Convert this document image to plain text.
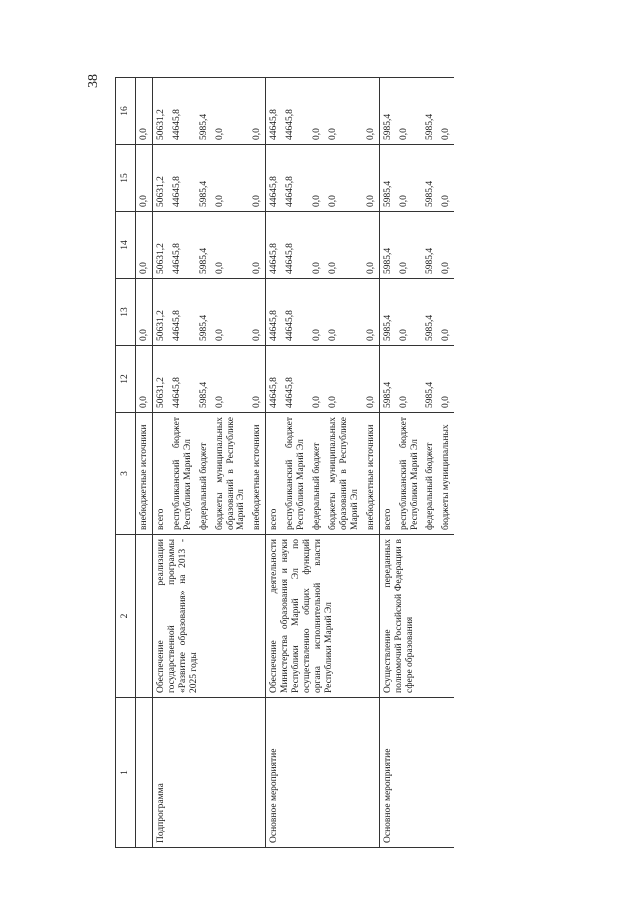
38
1	2	3	12	13	14	15	16
		внебюджетные источники	0,0	0,0	0,0	0,0	0,0
Подпрограмма	Обеспечение реализации государственной программы «Развитие образования» на 2013 - 2025 годы	всего	50631,2	50631,2	50631,2	50631,2	50631,2
		республиканский бюджет Республики Марий Эл	44645,8	44645,8	44645,8	44645,8	44645,8
		федеральный бюджет	5985,4	5985,4	5985,4	5985,4	5985,4
		бюджеты муниципальных образований в Республике Марий Эл	0,0	0,0	0,0	0,0	0,0
		внебюджетные источники	0,0	0,0	0,0	0,0	0,0
Основное мероприятие	Обеспечение деятельности Министерства образования и науки Республики Марий Эл по осуществлению общих функций органа исполнительной власти Республики Марий Эл	всего	44645,8	44645,8	44645,8	44645,8	44645,8
		республиканский бюджет Республики Марий Эл	44645,8	44645,8	44645,8	44645,8	44645,8
		федеральный бюджет	0,0	0,0	0,0	0,0	0,0
		бюджеты муниципальных образований в Республике Марий Эл	0,0	0,0	0,0	0,0	0,0
		внебюджетные источники	0,0	0,0	0,0	0,0	0,0
Основное мероприятие	Осуществление переданных полномочий Российской Федерации в сфере образования	всего	5985,4	5985,4	5985,4	5985,4	5985,4
		республиканский бюджет Республики Марий Эл	0,0	0,0	0,0	0,0	0,0
		федеральный бюджет	5985,4	5985,4	5985,4	5985,4	5985,4
		бюджеты муниципальных	0,0	0,0	0,0	0,0	0,0
